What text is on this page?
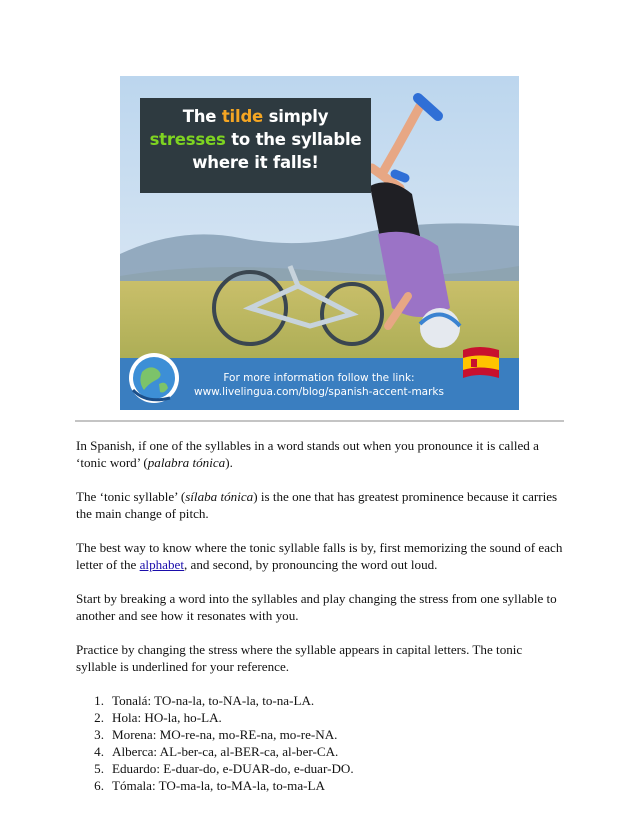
The tilde simply
stresses to the syllable
where it falls!
For more information follow the link:
www.livelingua.com/blog/spanish-accent-marks

In Spanish, if one of the syllables in a word stands out when you pronounce it is called a ‘tonic word’ (palabra tónica).

The ‘tonic syllable’ (sílaba tónica) is the one that has greatest prominence because it carries the main change of pitch.

The best way to know where the tonic syllable falls is by, first memorizing the sound of each letter of the alphabet, and second, by pronouncing the word out loud.

Start by breaking a word into the syllables and play changing the stress from one syllable to another and see how it resonates with you.

Practice by changing the stress where the syllable appears in capital letters. The tonic syllable is underlined for your reference.

1. Tonalá: TO-na-la, to-NA-la, to-na-LA.
2. Hola: HO-la, ho-LA.
3. Morena: MO-re-na, mo-RE-na, mo-re-NA.
4. Alberca: AL-ber-ca, al-BER-ca, al-ber-CA.
5. Eduardo: E-duar-do, e-DUAR-do, e-duar-DO.
6. Tómala: TO-ma-la, to-MA-la, to-ma-LA
